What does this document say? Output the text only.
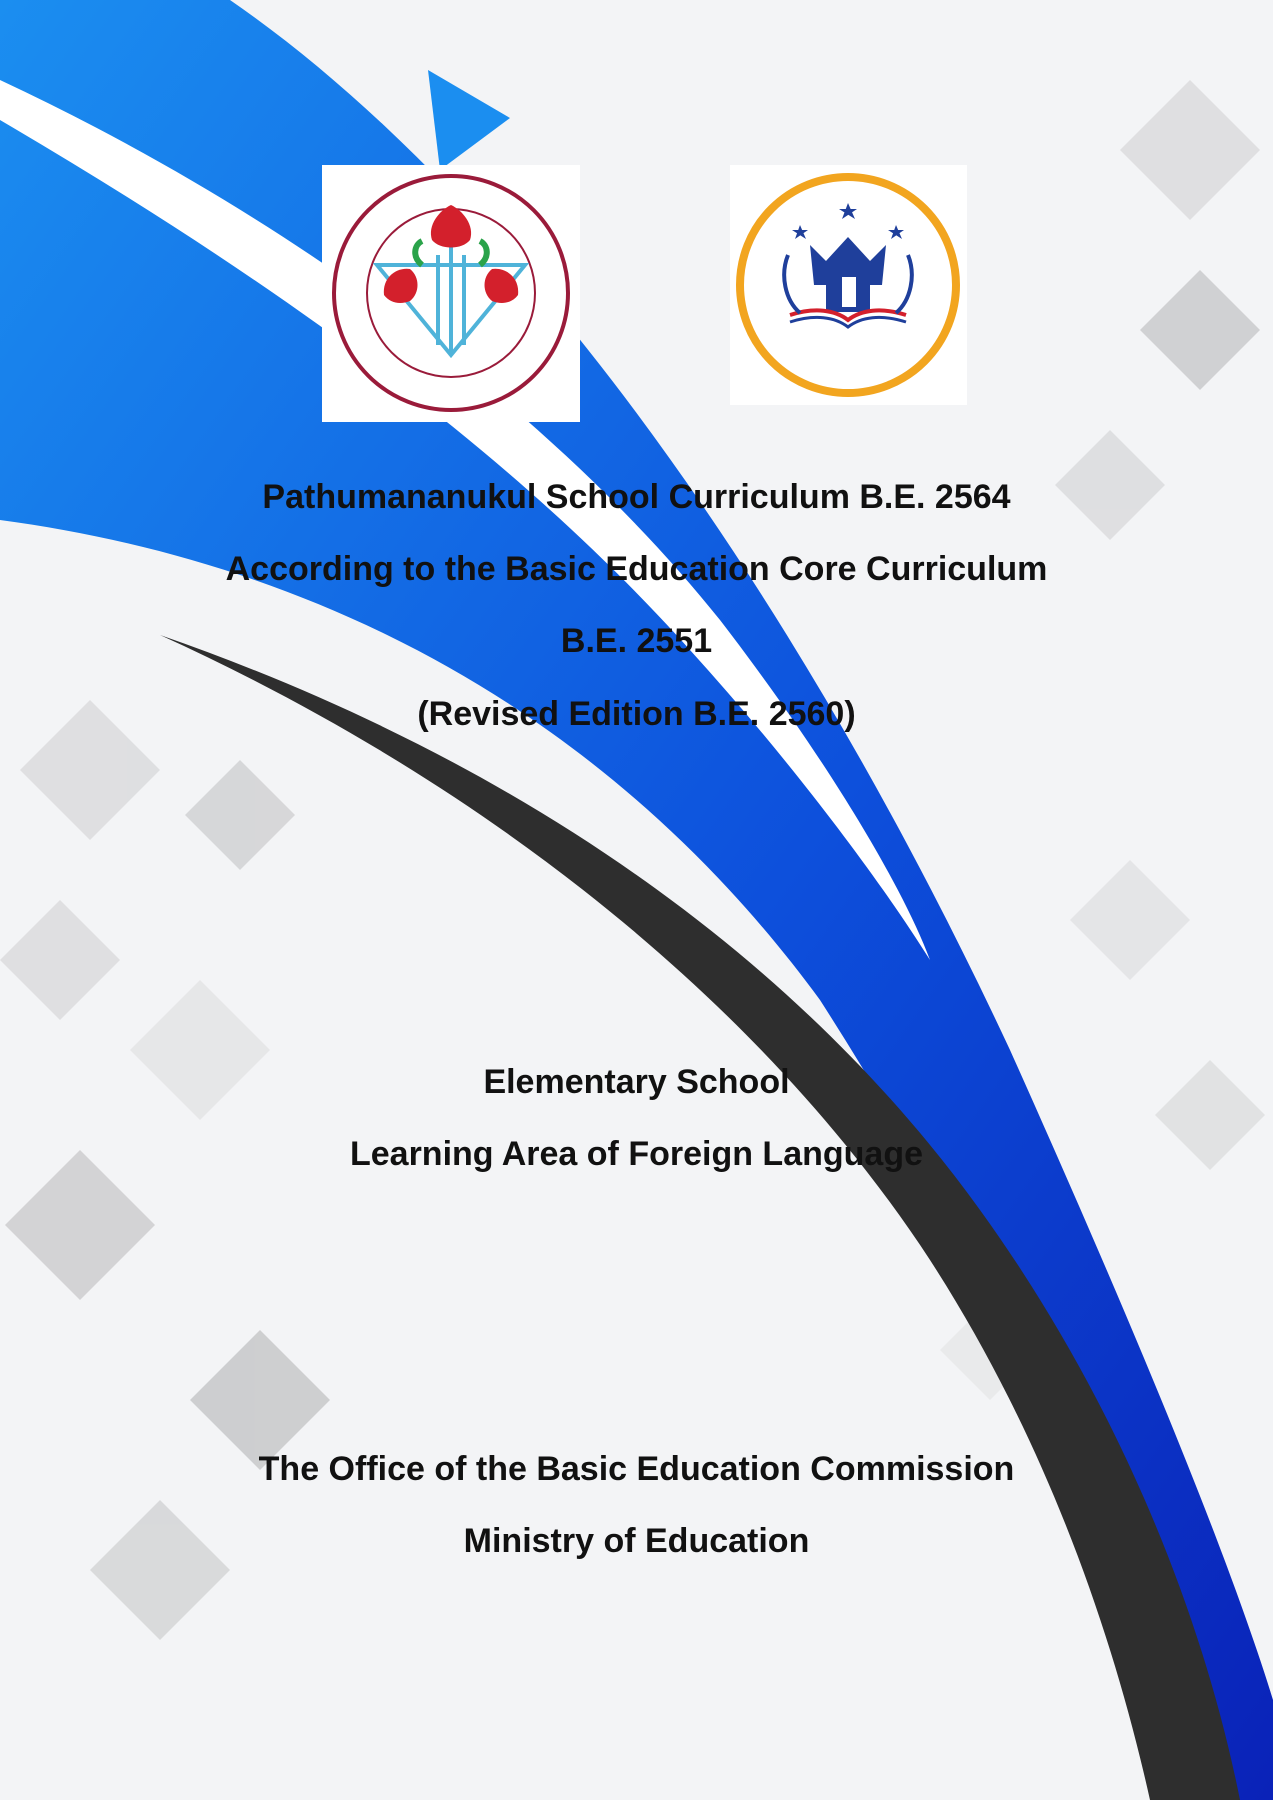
Pathumananukul School Curriculum B.E. 2564

According to the Basic Education Core Curriculum

B.E. 2551

(Revised Edition B.E. 2560)

Elementary School

Learning Area of Foreign Language

The Office of the Basic Education Commission

Ministry of Education
